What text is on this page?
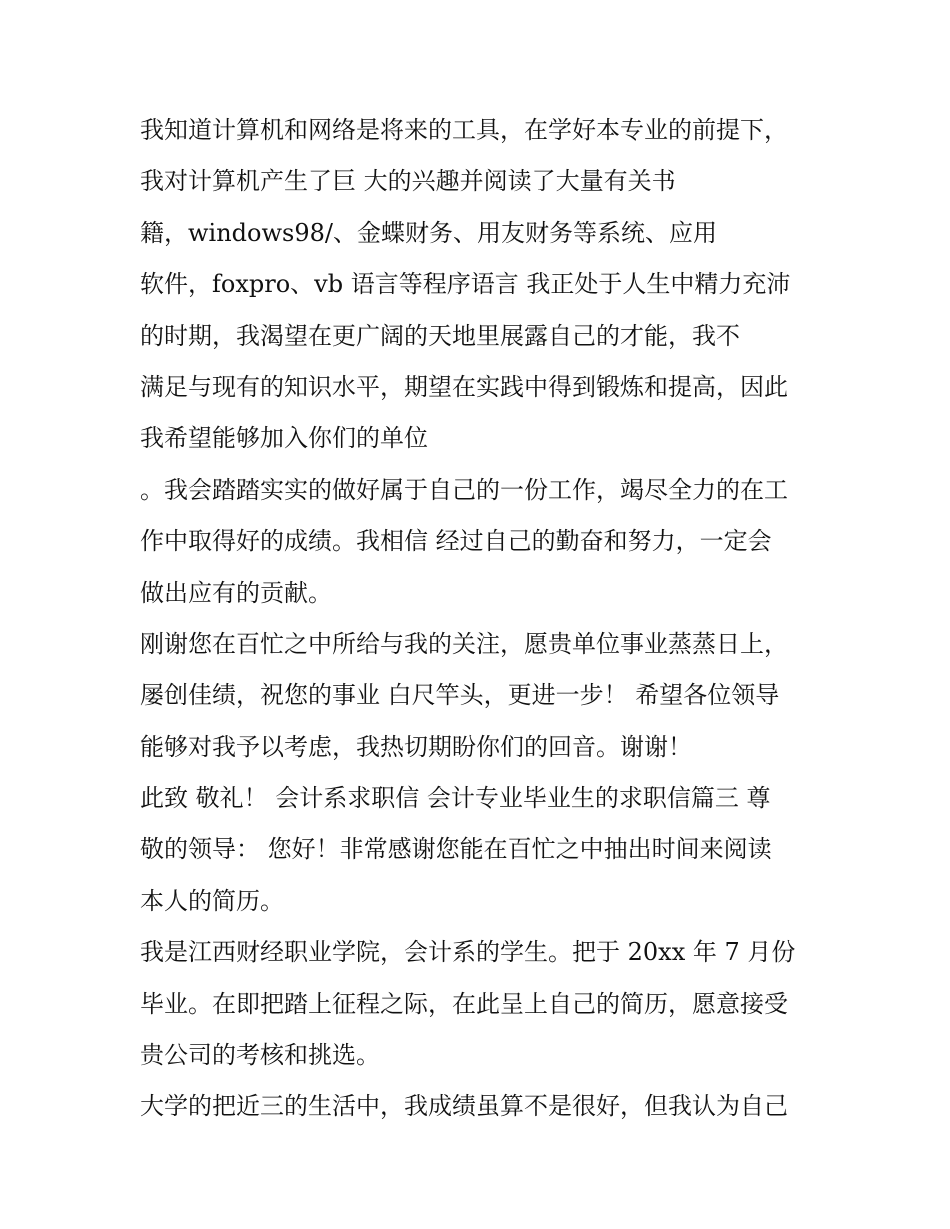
我知道计算机和网络是将来的工具，在学好本专业的前提下，
我对计算机产生了巨 大的兴趣并阅读了大量有关书
籍，windows98/、金蝶财务、用友财务等系统、应用
软件，foxpro、vb 语言等程序语言 我正处于人生中精力充沛
的时期，我渴望在更广阔的天地里展露自己的才能，我不
满足与现有的知识水平，期望在实践中得到锻炼和提高，因此
我希望能够加入你们的单位
。我会踏踏实实的做好属于自己的一份工作，竭尽全力的在工
作中取得好的成绩。我相信 经过自己的勤奋和努力，一定会
做出应有的贡献。
刚谢您在百忙之中所给与我的关注，愿贵单位事业蒸蒸日上，
屡创佳绩，祝您的事业 白尺竿头，更进一步！ 希望各位领导
能够对我予以考虑，我热切期盼你们的回音。谢谢！
此致 敬礼！ 会计系求职信 会计专业毕业生的求职信篇三 尊
敬的领导： 您好！非常感谢您能在百忙之中抽出时间来阅读
本人的简历。
我是江西财经职业学院，会计系的学生。把于 20xx 年 7 月份
毕业。在即把踏上征程之际，在此呈上自己的简历，愿意接受
贵公司的考核和挑选。
大学的把近三的生活中，我成绩虽算不是很好，但我认为自己
